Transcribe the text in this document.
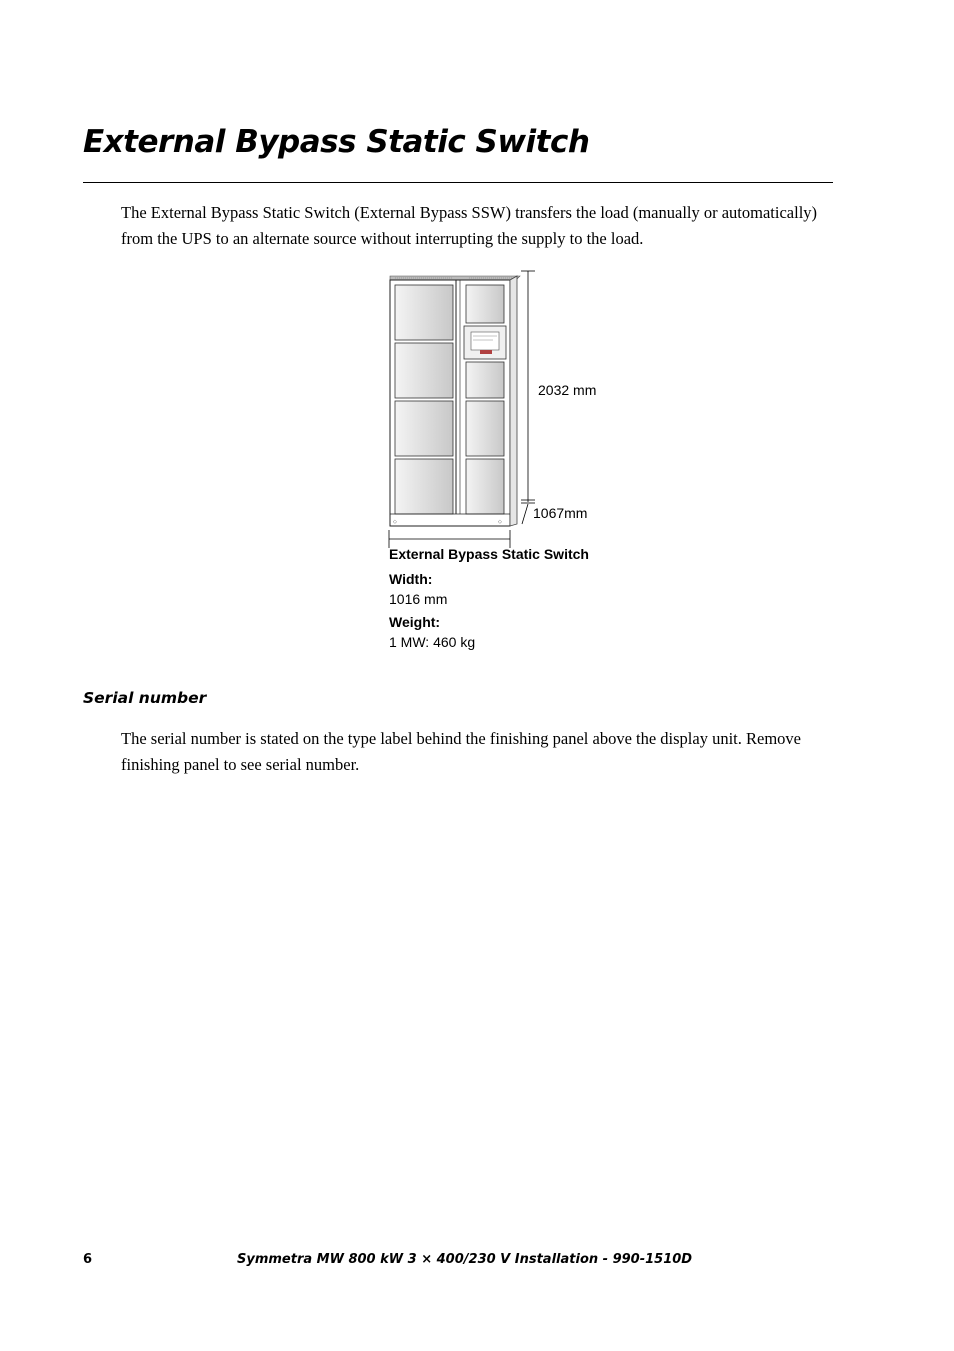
External Bypass Static Switch

The External Bypass Static Switch (External Bypass SSW) transfers the load (manually or automatically) from the UPS to an alternate source without interrupting the supply to the load.

◇	◇
2032 mm
1067mm
External Bypass Static Switch
Width:
1016 mm
Weight:
1 MW: 460 kg
Serial number

The serial number is stated on the type label behind the finishing panel above the display unit. Remove finishing panel to see serial number.

6	Symmetra MW 800 kW 3 × 400/230 V Installation - 990-1510D
